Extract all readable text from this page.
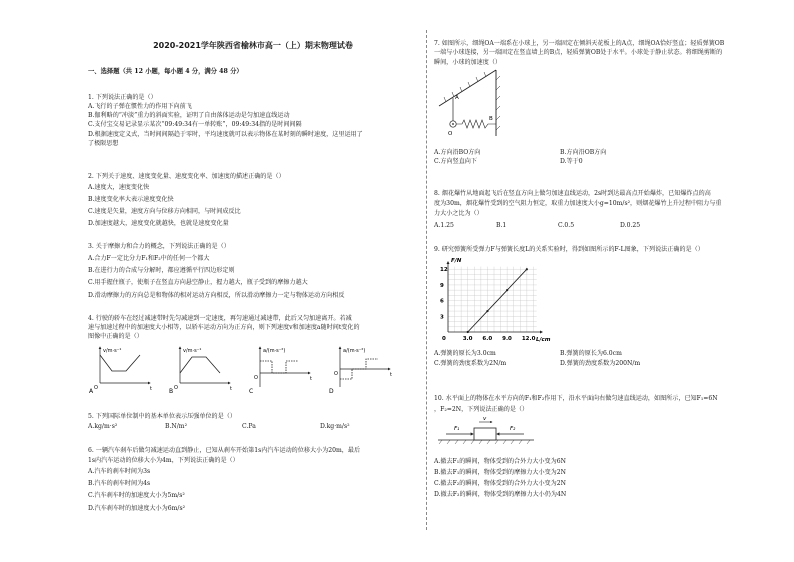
2020-2021学年陕西省榆林市高一（上）期末物理试卷
一、选择题（共 12 小题，每小题 4 分，满分 48 分）
1. 下列说法正确的是（）
A.飞行的子弹在惯性力的作用下向前飞
B.伽利略的“冲淡”重力的斜面实验，证明了自由落体运动是匀加速直线运动
C.支付宝交易记录显示某次“09:49:34有一单转账”，09:49:34指的是时间间隔
D.根据速度定义式，当时间间隔趋于零时，平均速度就可以表示物体在某时刻的瞬时速度，这里运用了
了极限思想
2. 下列关于速度、速度变化量、速度变化率、加速度的描述正确的是（）
A.速度大，速度变化快
B.速度变化率大表示速度变化快
C.速度是矢量，速度方向与位移方向相同，与时间成反比
D.加速度越大，速度变化就越快，也就是速度变化量
3. 关于摩擦力和合力的概念，下列说法正确的是（）
A.合力F一定比分力F₁和F₂中的任何一个都大
B.在进行力的合成与分解时，都应遵循平行四边形定则
C.用手握住瓶子，使瓶子在竖直方向悬空静止，握力越大，瓶子受到的摩擦力越大
D.滑动摩擦力的方向总是和物体的相对运动方向相反，所以滑动摩擦力一定与物体运动方向相反
4. 行驶的轿车在经过减速带时先匀减速到一定速度，再匀速通过减速带，此后又匀加速离开。若减
速与加速过程中的加速度大小相等，以轿车运动方向为正方向，则下列速度v和加速度a随时间t变化的
图像中正确的是（）
v/m·s⁻¹
t
O
A
v/m·s⁻¹
t
O
B
a/(m·s⁻²)
t
O
C
a/(m·s⁻²)
t
O
D
5. 下列国际单位制中的基本单位表示压强单位的是（）
A.kg/m·s²	B.N/m²	C.Pa	D.kg·m/s²
6. 一辆汽车刹车后做匀减速运动直到静止，已知从刹车开始第1s内汽车运动的位移大小为20m，最后
1s内汽车运动的位移大小为4m，下列说法正确的是（）
A.汽车的刹车时间为3s
B.汽车的刹车时间为4s
C.汽车刹车时的加速度大小为5m/s²
D.汽车刹车时的加速度大小为6m/s²
7. 如图所示，细绳OA一端系在小球上，另一端固定在倾斜天花板上的A点，细绳OA恰好竖直；轻质弹簧OB
一端与小球连接，另一端固定在竖直墙上的B点，轻质弹簧OB处于水平。小球处于静止状态。将细绳剪断的
瞬间，小球的加速度（）
A
B
O
A.方向沿BO方向	B.方向沿OB方向
C.方向竖直向下	D.等于0
8. 烟花爆竹从地面起飞后在竖直方向上做匀加速直线运动，2s时到达最高点开始爆炸，已知爆炸点的高
度为30m，烟花爆竹受到的空气阻力恒定，取重力加速度大小g=10m/s²，则烟花爆竹上升过程中阻力与重
力大小之比为（）
A.1.25	B.1	C.0.5	D.0.25
9. 研究弹簧所受弹力F与弹簧长度L的关系实验时，得到如图所示的F-L图象，下列说法正确的是（）
3.0 6.0 9.0 12.0
3
6
9
12
0	L/cm
F/N
A.弹簧的原长为3.0cm	B.弹簧的原长为6.0cm
C.弹簧的劲度系数为2N/m	D.弹簧的劲度系数为200N/m
10. 水平面上的物体在水平方向的F₁和F₂作用下，沿水平面向右做匀速直线运动，如图所示，已知F₁=6N
，F₂=2N，下列说法正确的是（）
v
F₁	F₂
A.撤去F₁的瞬间，物体受到的合外力大小变为6N
B.撤去F₁的瞬间，物体受到的摩擦力大小变为2N
C.撤去F₂的瞬间，物体受到的合外力大小变为2N
D.撤去F₂的瞬间，物体受到的摩擦力大小仍为4N
